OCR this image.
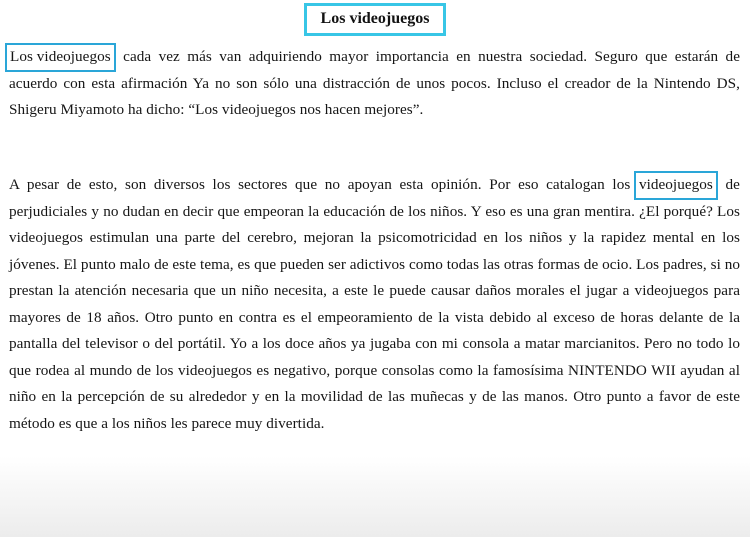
Los videojuegos
Los videojuegos cada vez más van adquiriendo mayor importancia en nuestra sociedad. Seguro que estarán de acuerdo con esta afirmación Ya no son sólo una distracción de unos pocos. Incluso el creador de la Nintendo DS, Shigeru Miyamoto ha dicho: “Los videojuegos nos hacen mejores”.
A pesar de esto, son diversos los sectores que no apoyan esta opinión. Por eso catalogan los videojuegos de perjudiciales y no dudan en decir que empeoran la educación de los niños. Y eso es una gran mentira. ¿El porqué? Los videojuegos estimulan una parte del cerebro, mejoran la psicomotricidad en los niños y la rapidez mental en los jóvenes. El punto malo de este tema, es que pueden ser adictivos como todas las otras formas de ocio. Los padres, si no prestan la atención necesaria que un niño necesita, a este le puede causar daños morales el jugar a videojuegos para mayores de 18 años. Otro punto en contra es el empeoramiento de la vista debido al exceso de horas delante de la pantalla del televisor o del portátil. Yo a los doce años ya jugaba con mi consola a matar marcianitos. Pero no todo lo que rodea al mundo de los videojuegos es negativo, porque consolas como la famosísima NINTENDO WII ayudan al niño en la percepción de su alrededor y en la movilidad de las muñecas y de las manos. Otro punto a favor de este método es que a los niños les parece muy divertida.
